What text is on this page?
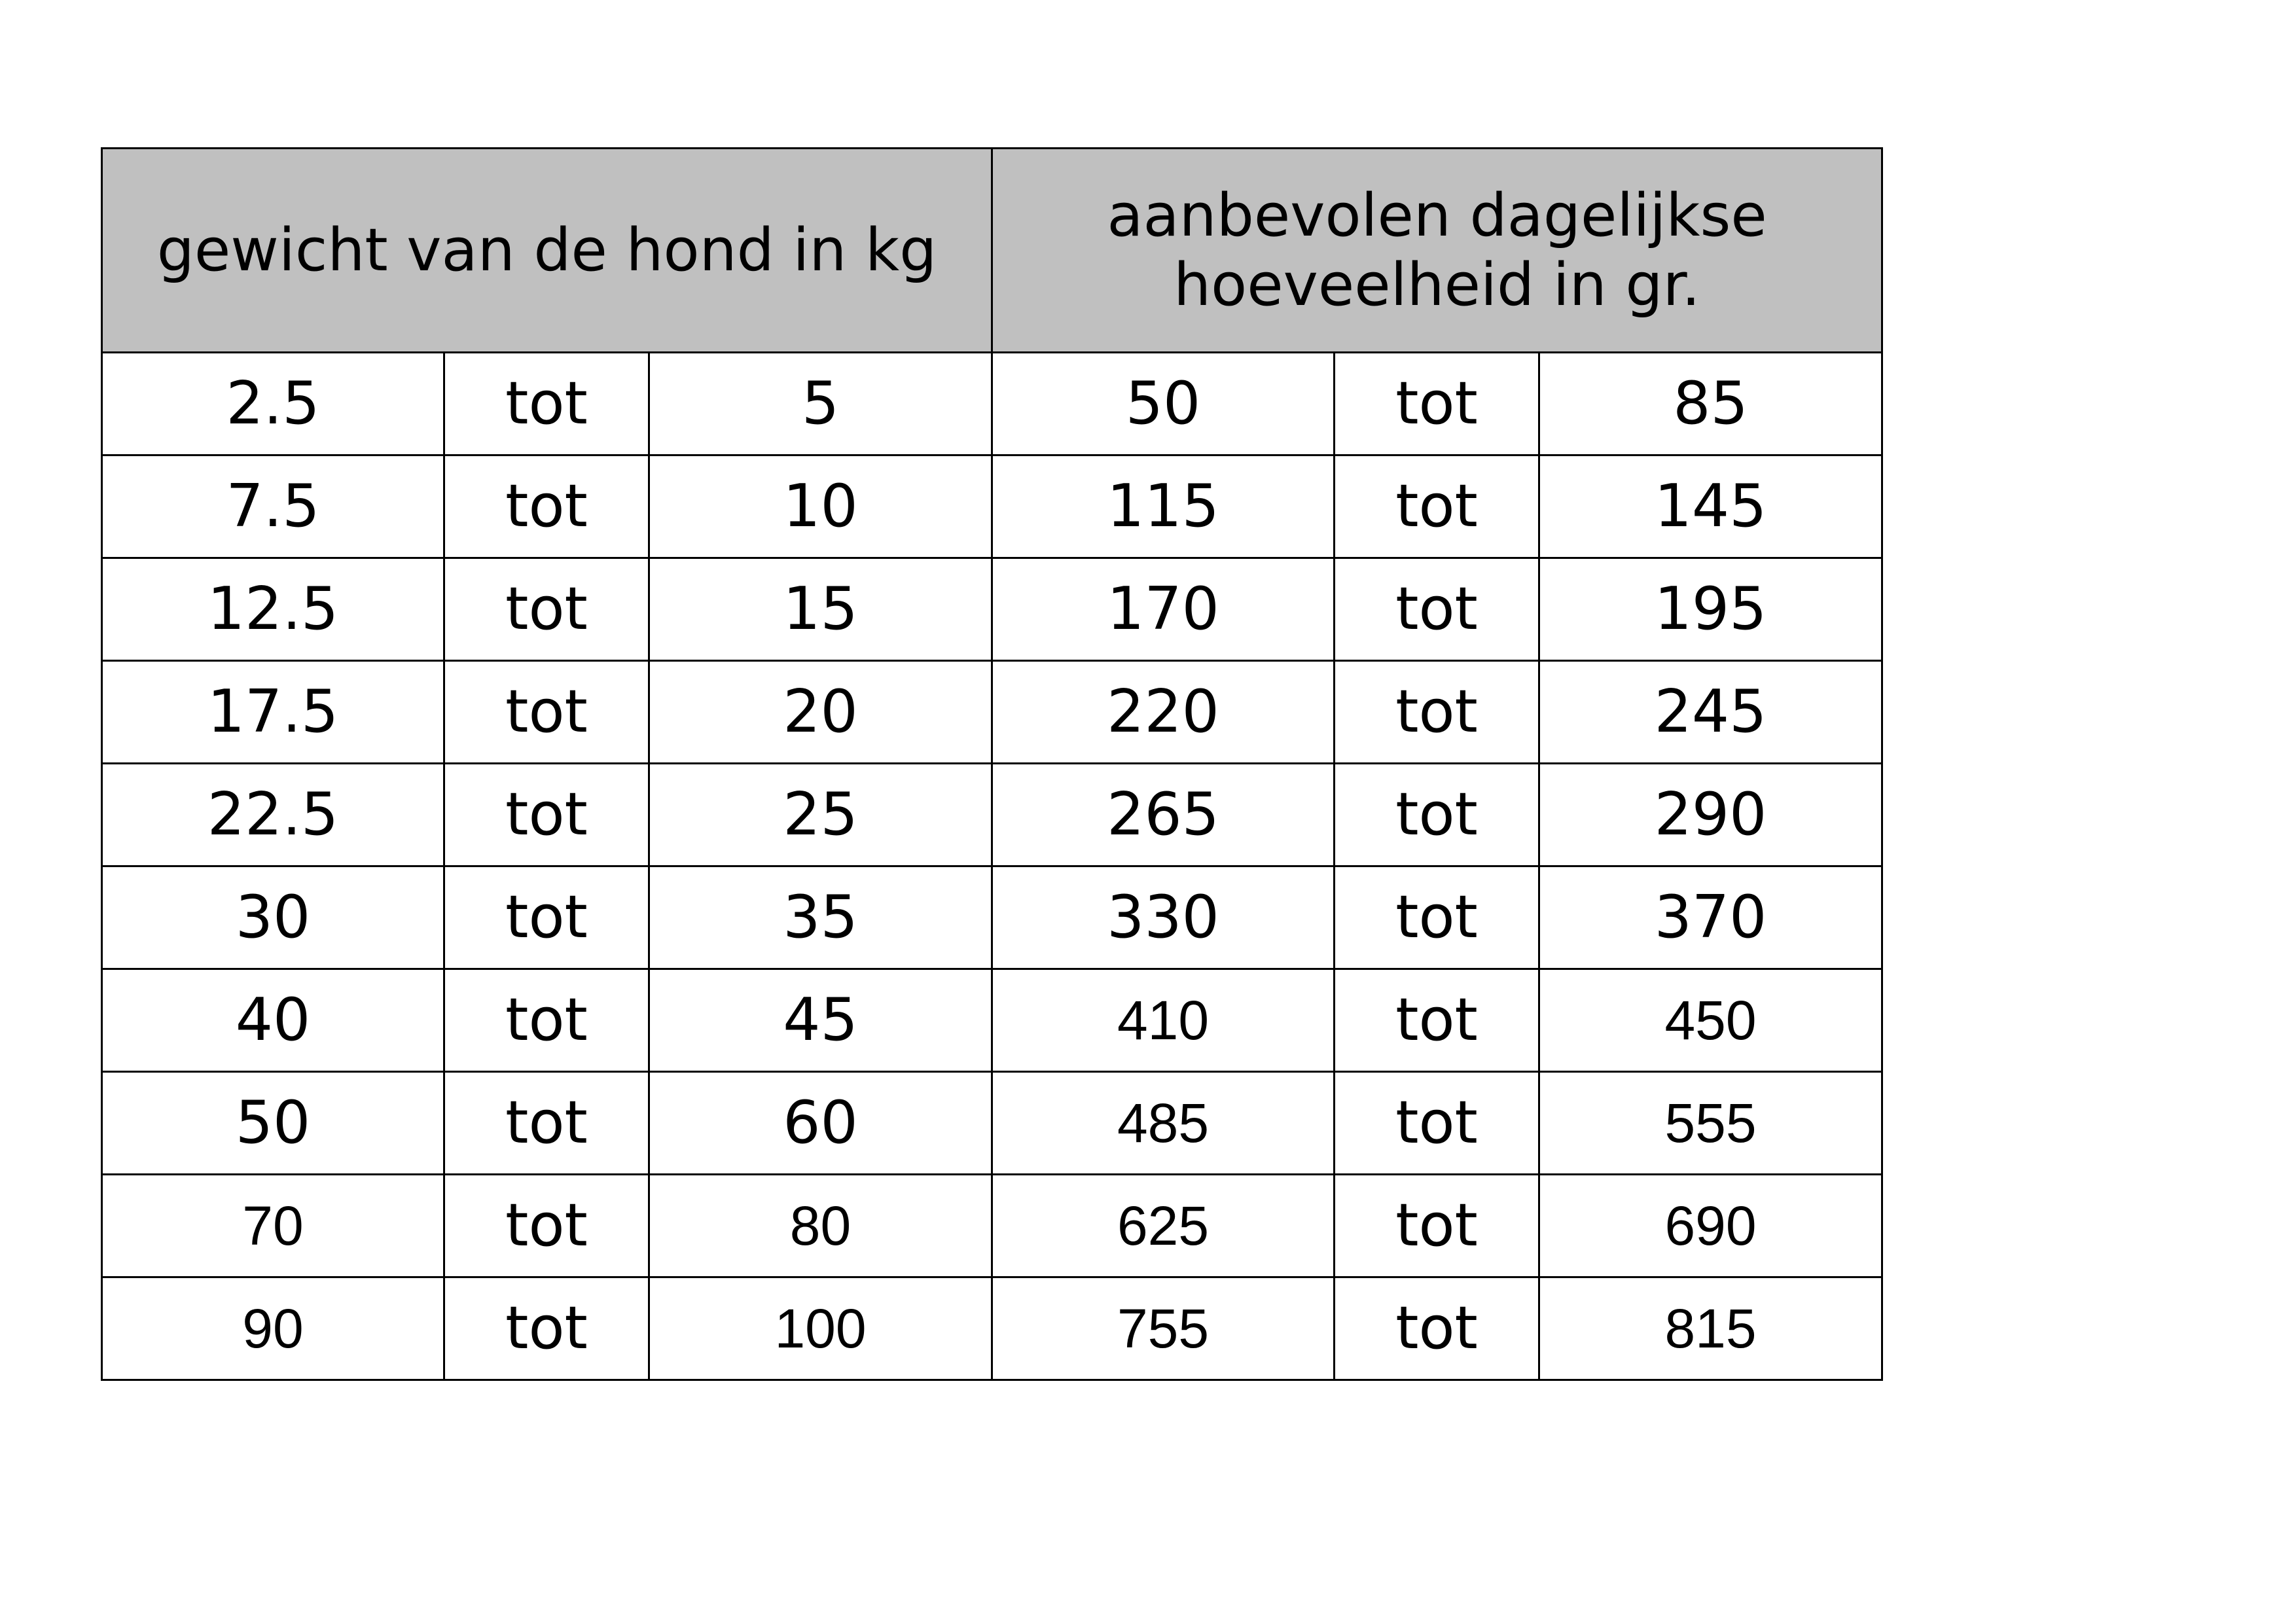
gewicht van de hond in kg			aanbevolen dagelijkse
hoeveelheid in gr.		
2.5	tot	5	50	tot	85
7.5	tot	10	115	tot	145
12.5	tot	15	170	tot	195
17.5	tot	20	220	tot	245
22.5	tot	25	265	tot	290
30	tot	35	330	tot	370
40	tot	45	410	tot	450
50	tot	60	485	tot	555
70	tot	80	625	tot	690
90	tot	100	755	tot	815
